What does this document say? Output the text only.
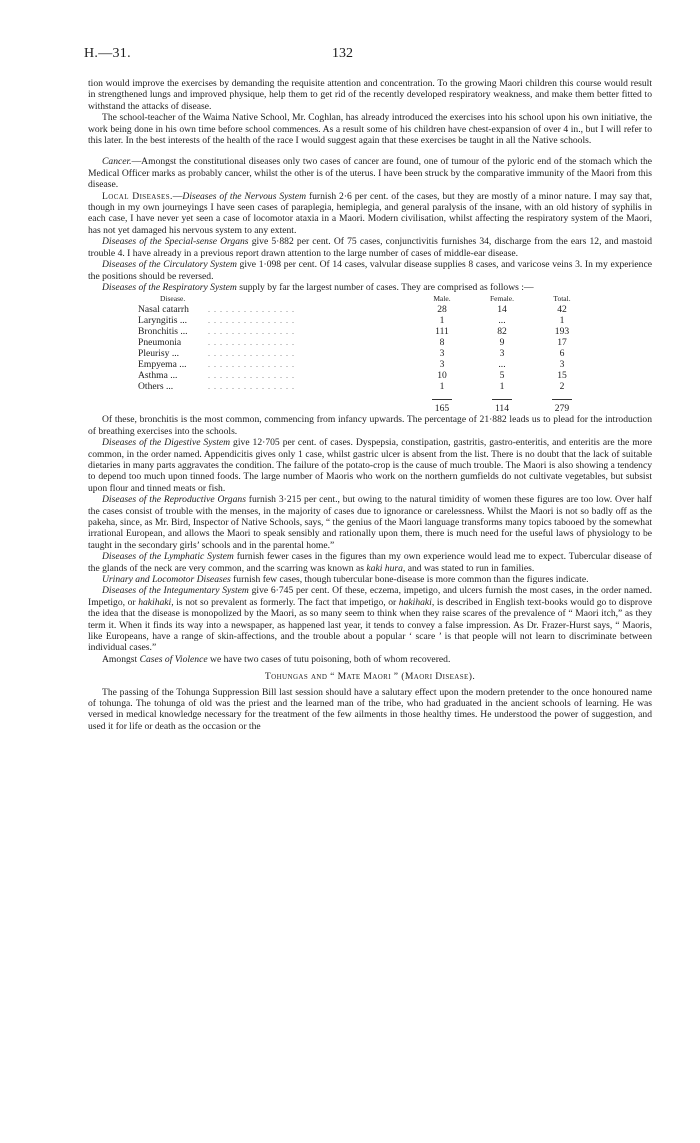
H.—31.	132

tion would improve the exercises by demanding the requisite attention and concentration. To the growing Maori children this course would result in strengthened lungs and improved physique, help them to get rid of the recently developed respiratory weakness, and make them better fitted to withstand the attacks of disease.

The school-teacher of the Waima Native School, Mr. Coghlan, has already introduced the exercises into his school upon his own initiative, the work being done in his own time before school commences. As a result some of his children have chest-expansion of over 4 in., but I will refer to this later. In the best interests of the health of the race I would suggest again that these exercises be taught in all the Native schools.

Cancer.—Amongst the constitutional diseases only two cases of cancer are found, one of tumour of the pyloric end of the stomach which the Medical Officer marks as probably cancer, whilst the other is of the uterus. I have been struck by the comparative immunity of the Maori from this disease.

Local Diseases.—Diseases of the Nervous System furnish 2·6 per cent. of the cases, but they are mostly of a minor nature. I may say that, though in my own journeyings I have seen cases of paraplegia, hemiplegia, and general paralysis of the insane, with an old history of syphilis in each case, I have never yet seen a case of locomotor ataxia in a Maori. Modern civilisation, whilst affecting the respiratory system of the Maori, has not yet damaged his nervous system to any extent.

Diseases of the Special-sense Organs give 5·882 per cent. Of 75 cases, conjunctivitis furnishes 34, discharge from the ears 12, and mastoid trouble 4. I have already in a previous report drawn attention to the large number of cases of middle-ear disease.

Diseases of the Circulatory System give 1·098 per cent. Of 14 cases, valvular disease supplies 8 cases, and varicose veins 3. In my experience the positions should be reversed.

Diseases of the Respiratory System supply by far the largest number of cases. They are comprised as follows :—

Disease.		Male.	Female.	Total.
Nasal catarrh	. . . . . . . . . . . . . . .	28	14	42
Laryngitis ...	. . . . . . . . . . . . . . .	1	...	1
Bronchitis ...	. . . . . . . . . . . . . . .	111	82	193
Pneumonia	. . . . . . . . . . . . . . .	8	9	17
Pleurisy ...	. . . . . . . . . . . . . . .	3	3	6
Empyema ...	. . . . . . . . . . . . . . .	3	...	3
Asthma ...	. . . . . . . . . . . . . . .	10	5	15
Others ...	. . . . . . . . . . . . . . .	1	1	2

		165	114	279

Of these, bronchitis is the most common, commencing from infancy upwards. The percentage of 21·882 leads us to plead for the introduction of breathing exercises into the schools.

Diseases of the Digestive System give 12·705 per cent. of cases. Dyspepsia, constipation, gastritis, gastro-enteritis, and enteritis are the more common, in the order named. Appendicitis gives only 1 case, whilst gastric ulcer is absent from the list. There is no doubt that the lack of suitable dietaries in many parts aggravates the condition. The failure of the potato-crop is the cause of much trouble. The Maori is also showing a tendency to depend too much upon tinned foods. The large number of Maoris who work on the northern gumfields do not cultivate vegetables, but subsist upon flour and tinned meats or fish.

Diseases of the Reproductive Organs furnish 3·215 per cent., but owing to the natural timidity of women these figures are too low. Over half the cases consist of trouble with the menses, in the majority of cases due to ignorance or carelessness. Whilst the Maori is not so badly off as the pakeha, since, as Mr. Bird, Inspector of Native Schools, says, “ the genius of the Maori language transforms many topics tabooed by the somewhat irrational European, and allows the Maori to speak sensibly and rationally upon them, there is much need for the useful laws of physiology to be taught in the secondary girls’ schools and in the parental home.”

Diseases of the Lymphatic System furnish fewer cases in the figures than my own experience would lead me to expect. Tubercular disease of the glands of the neck are very common, and the scarring was known as kaki hura, and was stated to run in families.

Urinary and Locomotor Diseases furnish few cases, though tubercular bone-disease is more common than the figures indicate.

Diseases of the Integumentary System give 6·745 per cent. Of these, eczema, impetigo, and ulcers furnish the most cases, in the order named. Impetigo, or hakihaki, is not so prevalent as formerly. The fact that impetigo, or hakihaki, is described in English text-books would go to disprove the idea that the disease is monopolized by the Maori, as so many seem to think when they raise scares of the prevalence of “ Maori itch,” as they term it. When it finds its way into a newspaper, as happened last year, it tends to convey a false impression. As Dr. Frazer-Hurst says, “ Maoris, like Europeans, have a range of skin-affections, and the trouble about a popular ‘ scare ’ is that people will not learn to discriminate between individual cases.”

Amongst Cases of Violence we have two cases of tutu poisoning, both of whom recovered.

Tohungas and “ Mate Maori ” (Maori Disease).

The passing of the Tohunga Suppression Bill last session should have a salutary effect upon the modern pretender to the once honoured name of tohunga. The tohunga of old was the priest and the learned man of the tribe, who had graduated in the ancient schools of learning. He was versed in medical knowledge necessary for the treatment of the few ailments in those healthy times. He understood the power of suggestion, and used it for life or death as the occasion or the
